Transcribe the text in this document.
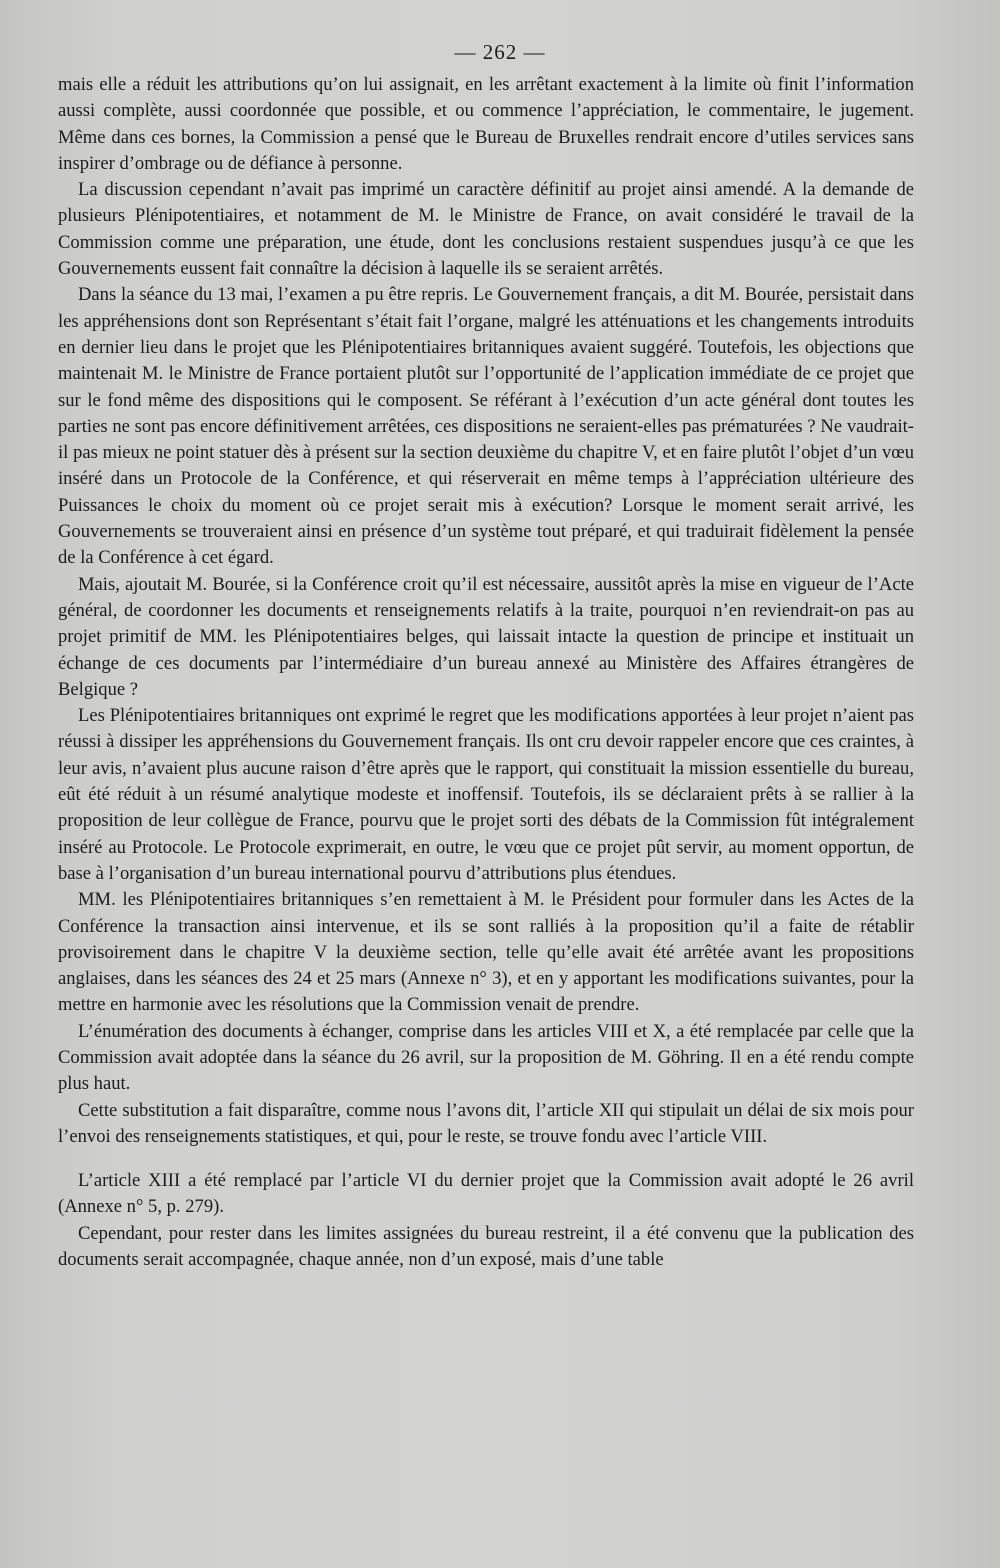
— 262 —

mais elle a réduit les attributions qu’on lui assignait, en les arrêtant exactement à la limite où finit l’information aussi complète, aussi coordonnée que possible, et ou commence l’appréciation, le commentaire, le jugement. Même dans ces bornes, la Commission a pensé que le Bureau de Bruxelles rendrait encore d’utiles services sans inspirer d’ombrage ou de défiance à personne.

La discussion cependant n’avait pas imprimé un caractère définitif au projet ainsi amendé. A la demande de plusieurs Plénipotentiaires, et notamment de M. le Ministre de France, on avait considéré le travail de la Commission comme une préparation, une étude, dont les conclusions restaient suspendues jusqu’à ce que les Gouvernements eussent fait connaître la décision à laquelle ils se seraient arrêtés.

Dans la séance du 13 mai, l’examen a pu être repris. Le Gouvernement français, a dit M. Bourée, persistait dans les appréhensions dont son Représentant s’était fait l’organe, malgré les atténuations et les changements introduits en dernier lieu dans le projet que les Plénipotentiaires britanniques avaient suggéré. Toutefois, les objections que maintenait M. le Ministre de France portaient plutôt sur l’opportunité de l’application immédiate de ce projet que sur le fond même des dispositions qui le composent. Se référant à l’exécution d’un acte général dont toutes les parties ne sont pas encore définitivement arrêtées, ces dispositions ne seraient-elles pas prématurées ? Ne vaudrait-il pas mieux ne point statuer dès à présent sur la section deuxième du chapitre V, et en faire plutôt l’objet d’un vœu inséré dans un Protocole de la Conférence, et qui réserverait en même temps à l’appréciation ultérieure des Puissances le choix du moment où ce projet serait mis à exécution? Lorsque le moment serait arrivé, les Gouvernements se trouveraient ainsi en présence d’un système tout préparé, et qui traduirait fidèlement la pensée de la Conférence à cet égard.

Mais, ajoutait M. Bourée, si la Conférence croit qu’il est nécessaire, aussitôt après la mise en vigueur de l’Acte général, de coordonner les documents et renseignements relatifs à la traite, pourquoi n’en reviendrait-on pas au projet primitif de MM. les Plénipotentiaires belges, qui laissait intacte la question de principe et instituait un échange de ces documents par l’intermédiaire d’un bureau annexé au Ministère des Affaires étrangères de Belgique ?

Les Plénipotentiaires britanniques ont exprimé le regret que les modifications apportées à leur projet n’aient pas réussi à dissiper les appréhensions du Gouvernement français. Ils ont cru devoir rappeler encore que ces craintes, à leur avis, n’avaient plus aucune raison d’être après que le rapport, qui constituait la mission essentielle du bureau, eût été réduit à un résumé analytique modeste et inoffensif. Toutefois, ils se déclaraient prêts à se rallier à la proposition de leur collègue de France, pourvu que le projet sorti des débats de la Commission fût intégralement inséré au Protocole. Le Protocole exprimerait, en outre, le vœu que ce projet pût servir, au moment opportun, de base à l’organisation d’un bureau international pourvu d’attributions plus étendues.

MM. les Plénipotentiaires britanniques s’en remettaient à M. le Président pour formuler dans les Actes de la Conférence la transaction ainsi intervenue, et ils se sont ralliés à la proposition qu’il a faite de rétablir provisoirement dans le chapitre V la deuxième section, telle qu’elle avait été arrêtée avant les propositions anglaises, dans les séances des 24 et 25 mars (Annexe n° 3), et en y apportant les modifications suivantes, pour la mettre en harmonie avec les résolutions que la Commission venait de prendre.

L’énumération des documents à échanger, comprise dans les articles VIII et X, a été remplacée par celle que la Commission avait adoptée dans la séance du 26 avril, sur la proposition de M. Göhring. Il en a été rendu compte plus haut.

Cette substitution a fait disparaître, comme nous l’avons dit, l’article XII qui stipulait un délai de six mois pour l’envoi des renseignements statistiques, et qui, pour le reste, se trouve fondu avec l’article VIII.

L’article XIII a été remplacé par l’article VI du dernier projet que la Commission avait adopté le 26 avril (Annexe n° 5, p. 279).

Cependant, pour rester dans les limites assignées du bureau restreint, il a été convenu que la publication des documents serait accompagnée, chaque année, non d’un exposé, mais d’une table
